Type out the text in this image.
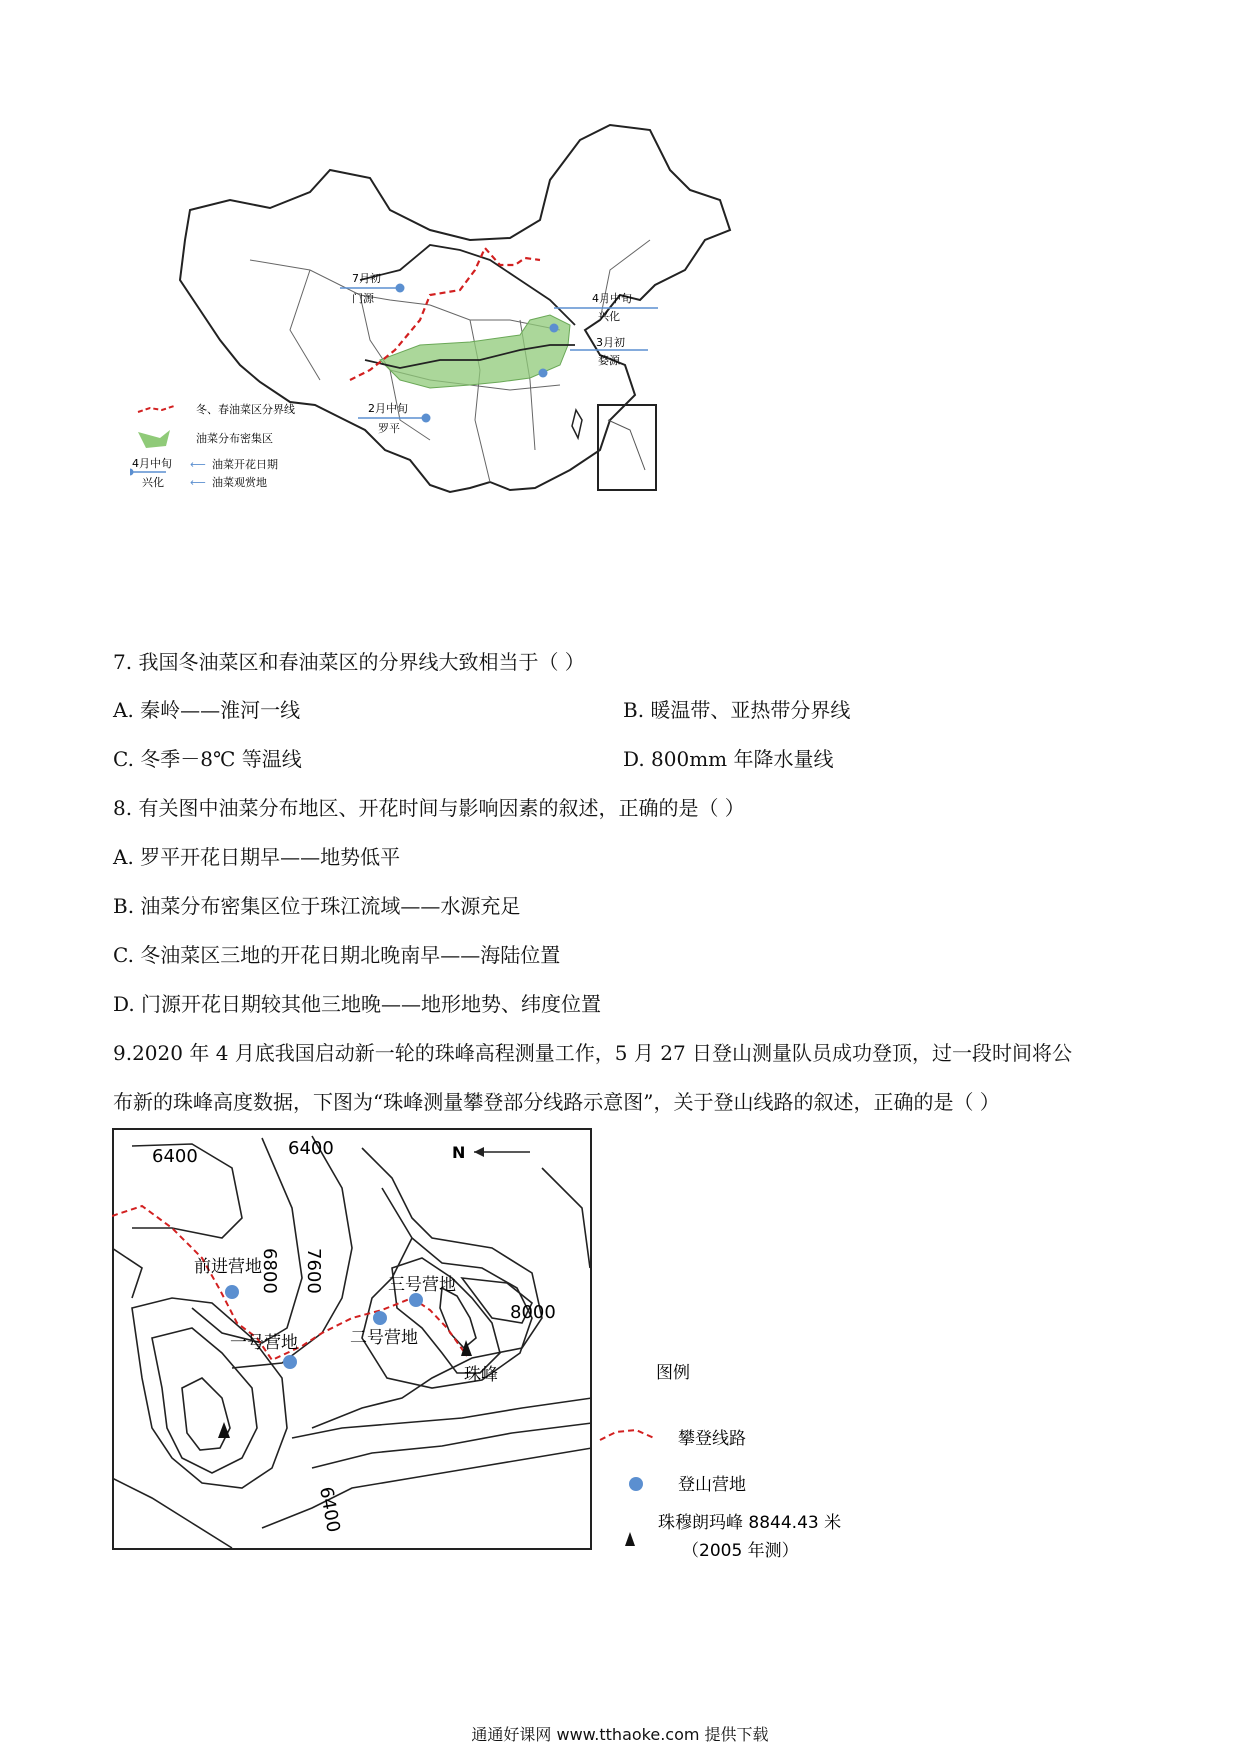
7月初
门源	4月中旬
兴化
3月初
婺源
2月中旬
罗平
冬、春油菜区分界线
油菜分布密集区
4月中旬
兴化
⟵ 油菜开花日期
⟵ 油菜观赏地
7. 我国冬油菜区和春油菜区的分界线大致相当于（ ）
A. 秦岭——淮河一线	B. 暖温带、亚热带分界线
C. 冬季－8℃ 等温线	D. 800mm 年降水量线
8. 有关图中油菜分布地区、开花时间与影响因素的叙述，正确的是（ ）
A. 罗平开花日期早——地势低平
B. 油菜分布密集区位于珠江流域——水源充足
C. 冬油菜区三地的开花日期北晚南早——海陆位置
D. 门源开花日期较其他三地晚——地形地势、纬度位置
9.2020 年 4 月底我国启动新一轮的珠峰高程测量工作，5 月 27 日登山测量队员成功登顶，过一段时间将公
布新的珠峰高度数据，下图为“珠峰测量攀登部分线路示意图”，关于登山线路的叙述，正确的是（ ）
N
6400	6400
6800 7600
8000
6400
前进营地
一号营地	二号营地
三号营地
珠峰	图例
攀登线路
登山营地
珠穆朗玛峰 8844.43 米
（2005 年测）
通通好课网 www.tthaoke.com 提供下载
